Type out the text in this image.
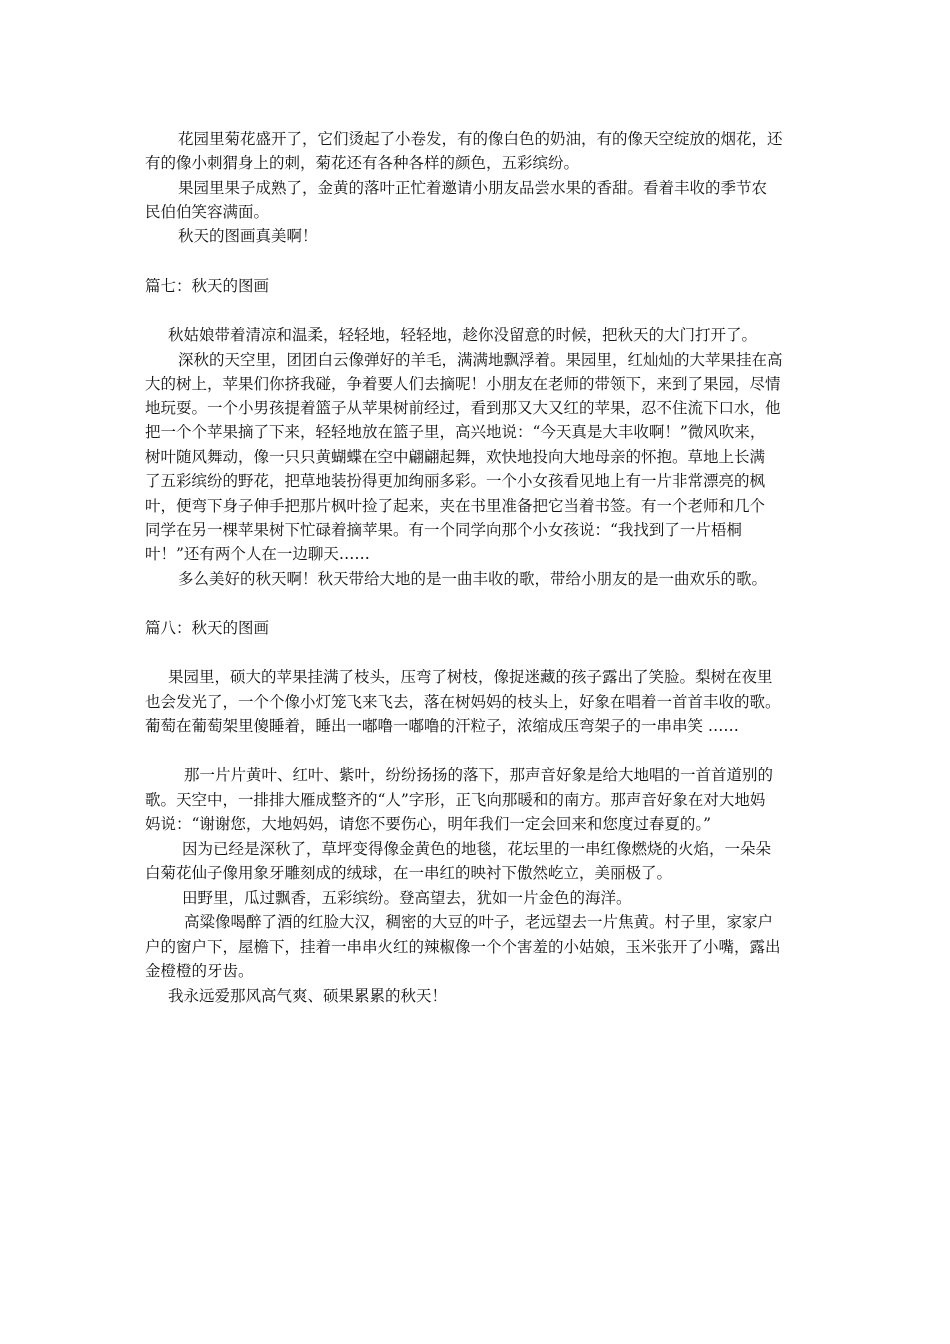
花园里菊花盛开了，它们烫起了小卷发，有的像白色的奶油，有的像天空绽放的烟花，还
有的像小刺猬身上的刺，菊花还有各种各样的颜色，五彩缤纷。
果园里果子成熟了，金黄的落叶正忙着邀请小朋友品尝水果的香甜。看着丰收的季节农
民伯伯笑容满面。
秋天的图画真美啊！
篇七：秋天的图画
秋姑娘带着清凉和温柔，轻轻地，轻轻地，趁你没留意的时候，把秋天的大门打开了。
深秋的天空里，团团白云像弹好的羊毛，满满地飘浮着。果园里，红灿灿的大苹果挂在高
大的树上，苹果们你挤我碰，争着要人们去摘呢！小朋友在老师的带领下，来到了果园，尽情
地玩耍。一个小男孩提着篮子从苹果树前经过，看到那又大又红的苹果，忍不住流下口水，他
把一个个苹果摘了下来，轻轻地放在篮子里，高兴地说：“今天真是大丰收啊！”微风吹来，
树叶随风舞动，像一只只黄蝴蝶在空中翩翩起舞，欢快地投向大地母亲的怀抱。草地上长满
了五彩缤纷的野花，把草地装扮得更加绚丽多彩。一个小女孩看见地上有一片非常漂亮的枫
叶，便弯下身子伸手把那片枫叶捡了起来，夹在书里准备把它当着书签。有一个老师和几个
同学在另一棵苹果树下忙碌着摘苹果。有一个同学向那个小女孩说：“我找到了一片梧桐
叶！”还有两个人在一边聊天……
多么美好的秋天啊！秋天带给大地的是一曲丰收的歌，带给小朋友的是一曲欢乐的歌。
篇八：秋天的图画
果园里，硕大的苹果挂满了枝头，压弯了树枝，像捉迷藏的孩子露出了笑脸。梨树在夜里
也会发光了，一个个像小灯笼飞来飞去，落在树妈妈的枝头上，好象在唱着一首首丰收的歌。
葡萄在葡萄架里傻睡着，睡出一嘟噜一嘟噜的汗粒子，浓缩成压弯架子的一串串笑 ……
那一片片黄叶、红叶、紫叶，纷纷扬扬的落下，那声音好象是给大地唱的一首首道别的
歌。天空中，一排排大雁成整齐的“人”字形，正飞向那暖和的南方。那声音好象在对大地妈
妈说：“谢谢您，大地妈妈，请您不要伤心，明年我们一定会回来和您度过春夏的。”
因为已经是深秋了，草坪变得像金黄色的地毯，花坛里的一串红像燃烧的火焰，一朵朵
白菊花仙子像用象牙雕刻成的绒球，在一串红的映衬下傲然屹立，美丽极了。
田野里，瓜过飘香，五彩缤纷。登高望去，犹如一片金色的海洋。
高粱像喝醉了酒的红脸大汉，稠密的大豆的叶子，老远望去一片焦黄。村子里，家家户
户的窗户下，屋檐下，挂着一串串火红的辣椒像一个个害羞的小姑娘，玉米张开了小嘴，露出
金橙橙的牙齿。
我永远爱那风高气爽、硕果累累的秋天！
